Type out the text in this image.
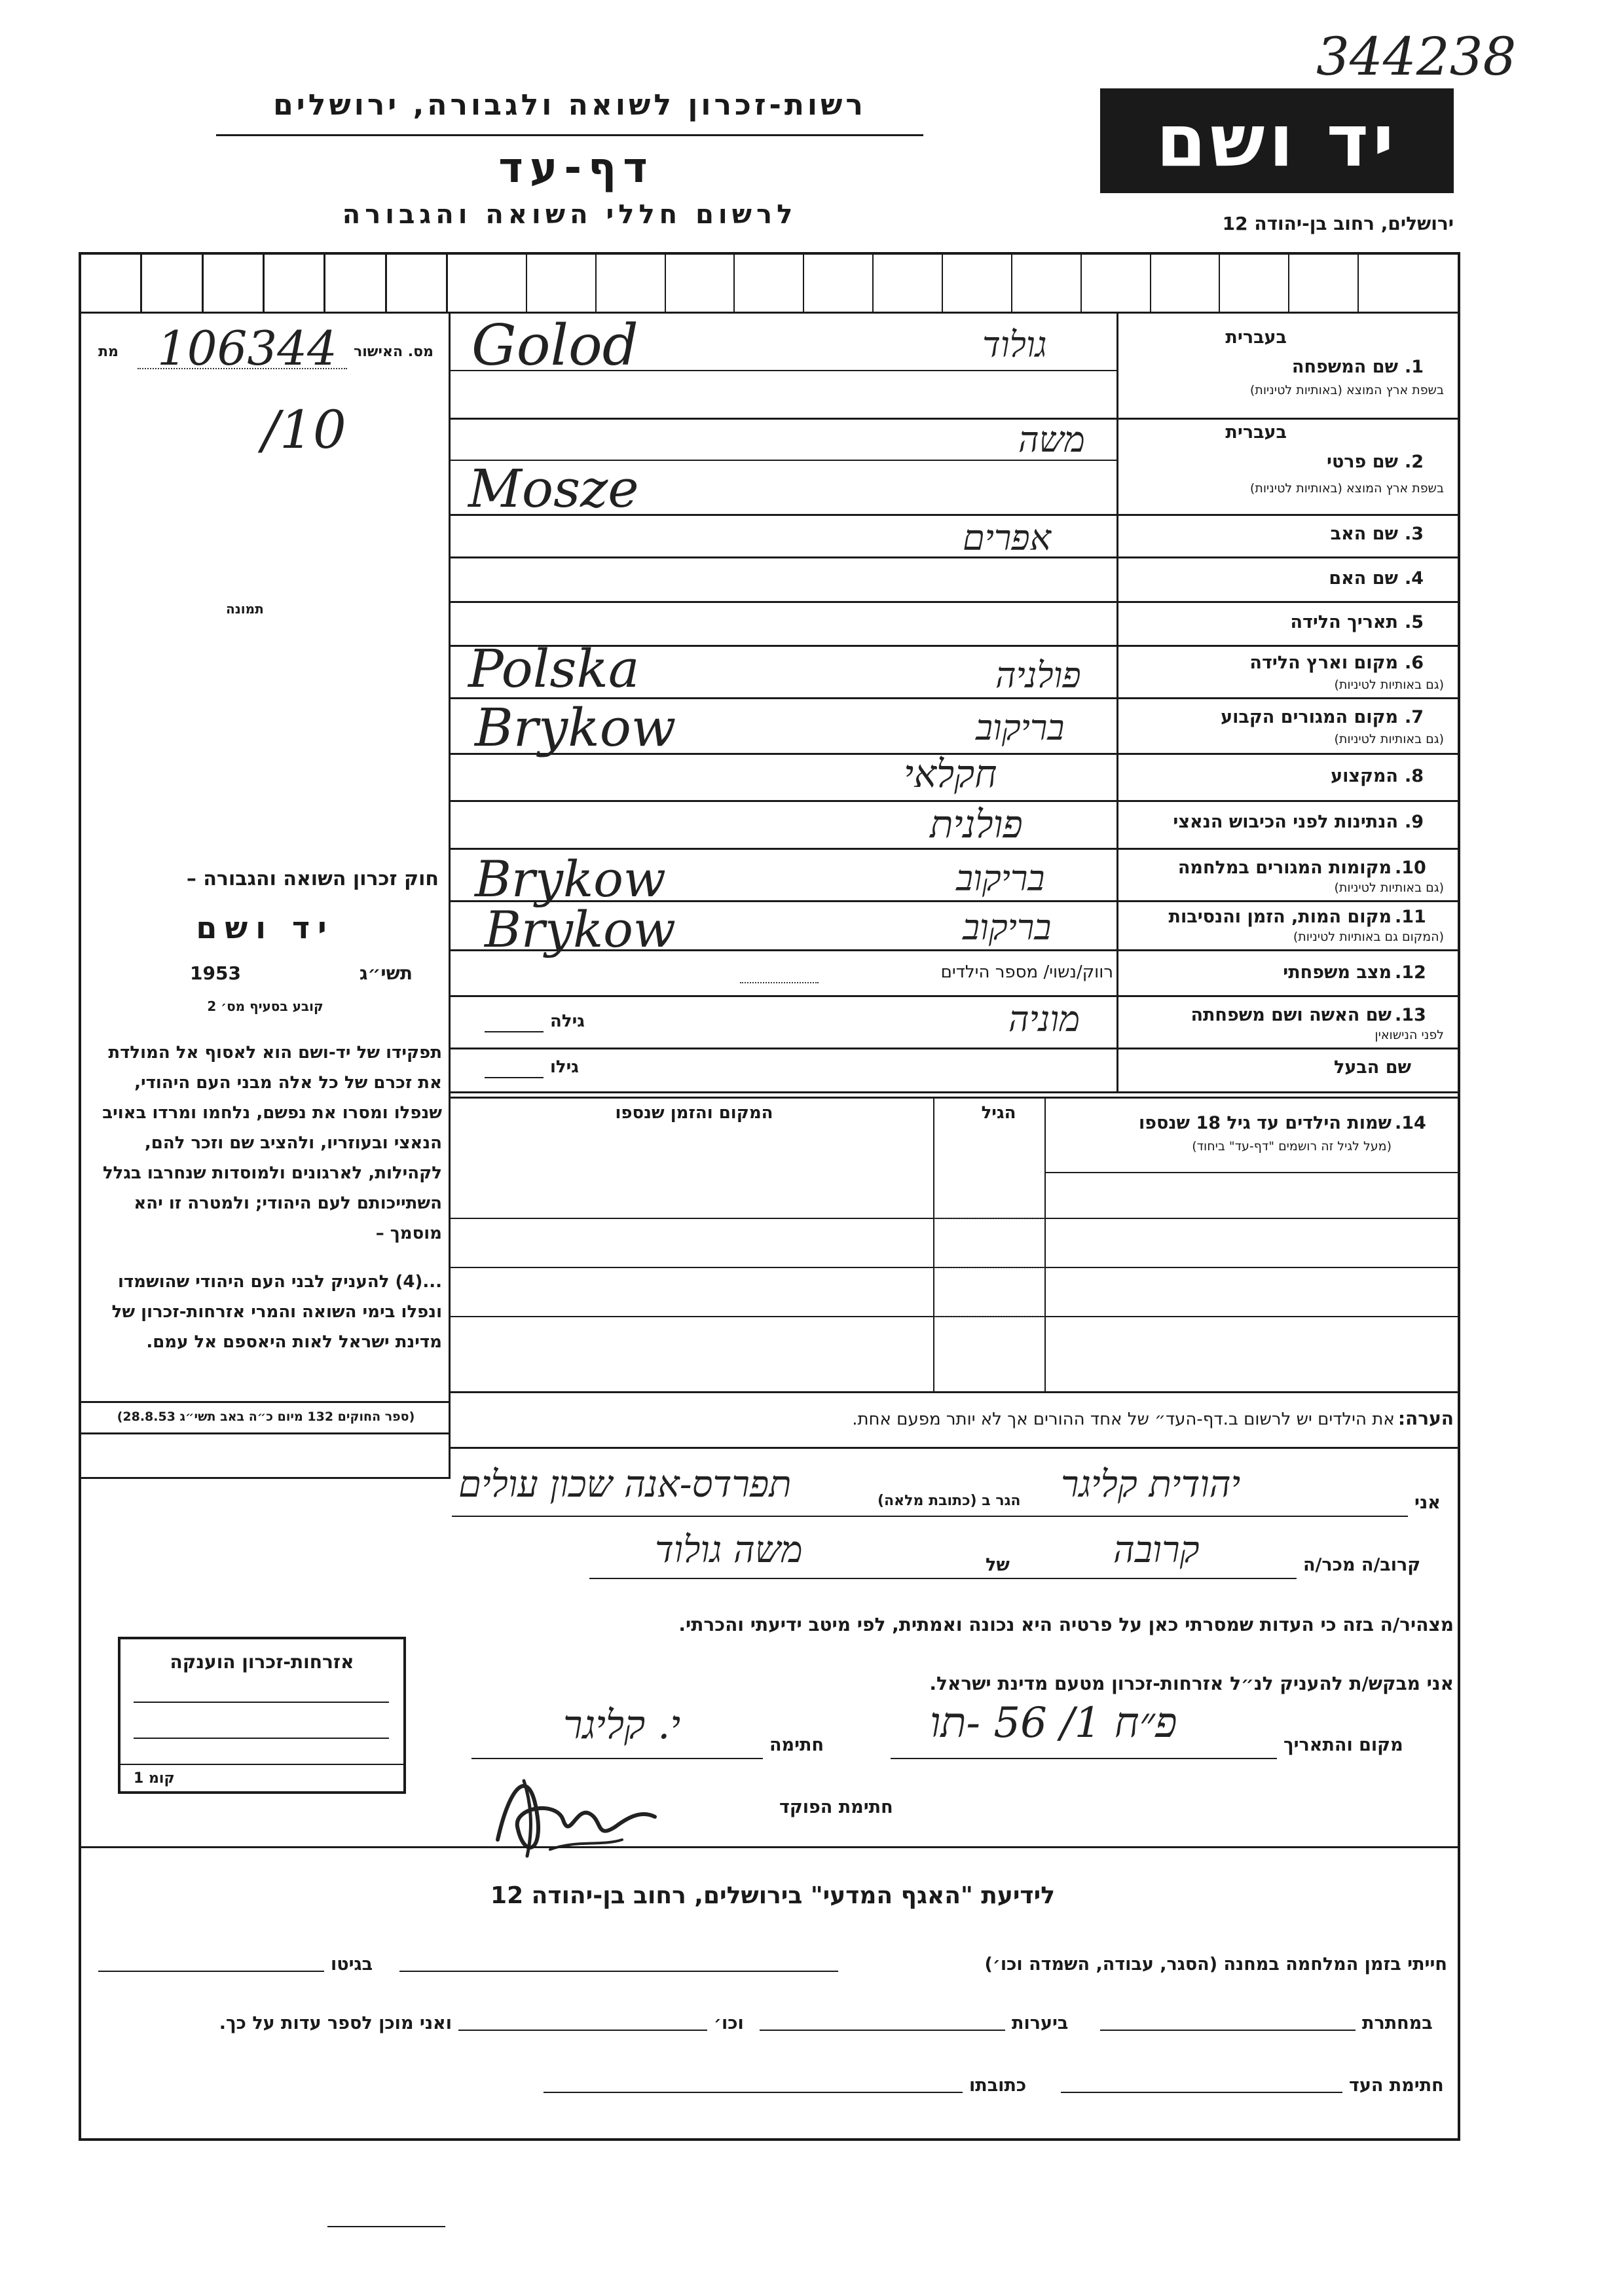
344238
רשות-זכרון לשואה ולגבורה, ירושלים
דף-עד
לרשום חללי השואה והגבורה
יד ושם
ירושלים, רחוב בן-יהודה 12
מס. האישור
מת 106344
/10
תמונה
חוק זכרון השואה והגבורה –
יד ושם
תשי״ג
1953
קובע בסעיף מס׳ 2
תפקידו של יד-ושם הוא לאסוף אל המולדת את זכרם של כל אלה מבני העם היהודי, שנפלו ומסרו את נפשם, נלחמו ומרדו באויב הנאצי ובעוזריו, ולהציב שם וזכר להם, לקהילות, לארגונים ולמוסדות שנחרבו בגלל השתייכותם לעם היהודי; ולמטרה זו יהא מוסמך –
...(4) להעניק לבני העם היהודי שהושמדו ונפלו בימי השואה והמרי אזרחות-זכרון של מדינת ישראל לאות היאספם אל עמם.
(ספר החוקים 132 מיום כ״ה באב תשי״ג 28.8.53)
בעברית
1.
שם המשפחה
בשפת ארץ המוצא (באותיות לטיניות)
גולוד
Golod
בעברית
2.
שם פרטי
בשפת ארץ המוצא (באותיות לטיניות)
משה
Mosze
3.
שם האב
אפרים
4.
שם האם
5.
תאריך הלידה
6.
מקום וארץ הלידה
(גם באותיות לטיניות)
פולניה
Polska
7.
מקום המגורים הקבוע
(גם באותיות לטיניות)
בריקוב
Brykow
8.
המקצוע
חקלאי
9.
הנתינות לפני הכיבוש הנאצי
פולנית
10.
מקומות המגורים במלחמה
(גם באותיות לטיניות)
בריקוב
Brykow
11.
מקום המות, הזמן והנסיבות
(המקום גם באותיות לטיניות)
בריקוב
Brykow
12.
מצב משפחתי
רווק/נשוי/ מספר הילדים
13.
שם האשה ושם משפחתה
לפני הנישואין
מוניה
גילה
שם הבעל
גילו
14.
שמות הילדים עד גיל 18 שנספו
(מעל לגיל זה רושמים "דף-עד" ביחוד)
הגיל
המקום והזמן שנספו
הערה: את הילדים יש לרשום ב.דף-העד״ של אחד ההורים אך לא יותר מפעם אחת.
אני
יהודית קליגר
הגר ב (כתובת מלאה)
תפרדס-אנה שכון עולים
קרוב/ה מכר/ה
קרובה
של
משה גולוד
מצהיר/ה בזה כי העדות שמסרתי כאן על פרטיה היא נכונה ואמתית, לפי מיטב ידיעתי והכרתי.
אני מבקש/ת להעניק לנ״ל אזרחות-זכרון מטעם מדינת ישראל.
מקום והתאריך
פ״ח 1/ 56 -תו
חתימה
י. קליגר
חתימת הפוקד
אזרחות-זכרון הוענקה
קומ 1
לידיעת "האגף המדעי" בירושלים, רחוב בן-יהודה 12
חייתי בזמן המלחמה במחנה (הסגר, עבודה, השמדה וכו׳)
בגיטו
במחתרת
ביערות
וכו׳
ואני מוכן לספר עדות על כך.
חתימת העד
כתובתו
